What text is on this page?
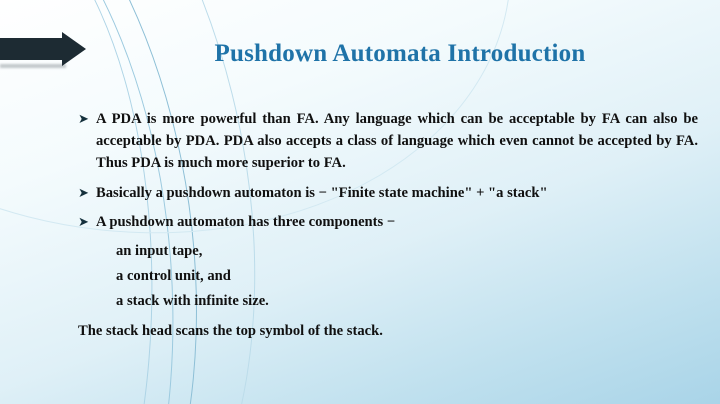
Pushdown Automata Introduction
➤ A PDA is more powerful than FA. Any language which can be acceptable by FA can also be acceptable by PDA. PDA also accepts a class of language which even cannot be accepted by FA. Thus PDA is much more superior to FA.
➤ Basically a pushdown automaton is − "Finite state machine" + "a stack"
➤ A pushdown automaton has three components −
an input tape,
a control unit, and
a stack with infinite size.
The stack head scans the top symbol of the stack.
